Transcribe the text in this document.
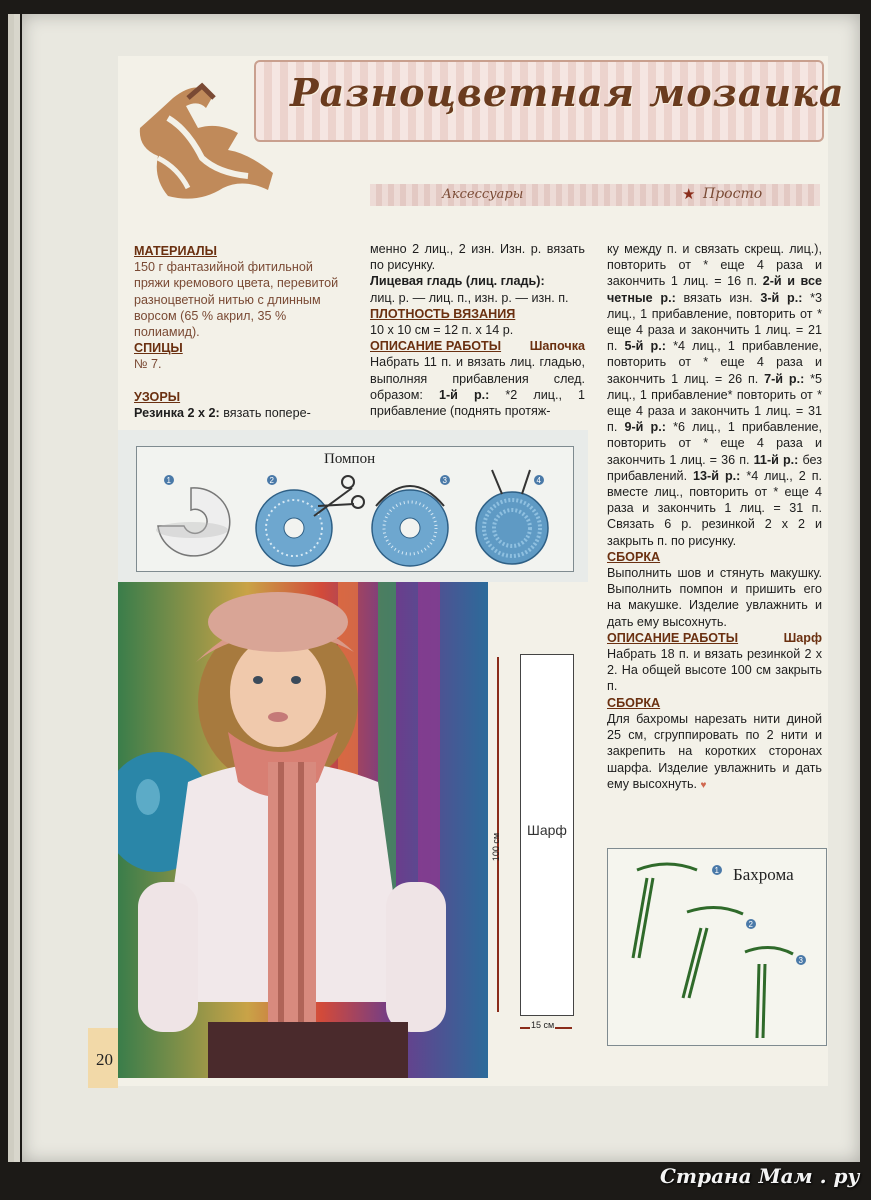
Разноцветная мозаика
Аксессуары	★ Просто

МАТЕРИАЛЫ

150 г фантазийной фитильной пряжи кремового цвета, перевитой разноцветной нитью с длинным ворсом (65 % акрил, 35 % полиамид).

СПИЦЫ

№ 7.

УЗОРЫ

Резинка 2 х 2: вязать попере-

менно 2 лиц., 2 изн. Изн. р. вязать по рисунку.

Лицевая гладь (лиц. гладь):

лиц. р. — лиц. п., изн. р. — изн. п.

ПЛОТНОСТЬ ВЯЗАНИЯ

10 х 10 см = 12 п. х 14 р.

ОПИСАНИЕ РАБОТЫ Шапочка

Набрать 11 п. и вязать лиц. гладью, выполняя прибавления след. образом: 1-й р.: *2 лиц., 1 прибавление (поднять протяж-

ку между п. и связать скрещ. лиц.), повторить от * еще 4 раза и закончить 1 лиц. = 16 п. 2-й и все четные р.: вязать изн. 3-й р.: *3 лиц., 1 прибавление, повторить от * еще 4 раза и закончить 1 лиц. = 21 п. 5-й р.: *4 лиц., 1 прибавление, повторить от * еще 4 раза и закончить 1 лиц. = 26 п. 7-й р.: *5 лиц., 1 прибавление* повторить от * еще 4 раза и закончить 1 лиц. = 31 п. 9-й р.: *6 лиц., 1 прибавление, повторить от * еще 4 раза и закончить 1 лиц. = 36 п. 11-й р.: без прибавлений. 13-й р.: *4 лиц., 2 п. вместе лиц., повторить от * еще 4 раза и закончить 1 лиц. = 31 п. Связать 6 р. резинкой 2 х 2 и закрыть п. по рисунку.

СБОРКА

Выполнить шов и стянуть макушку. Выполнить помпон и пришить его на макушке. Изделие увлажнить и дать ему высохнуть.

ОПИСАНИЕ РАБОТЫ	Шарф

Набрать 18 п. и вязать резинкой 2 х 2. На общей высоте 100 см закрыть п.

СБОРКА

Для бахромы нарезать нити диной 25 см, сгруппировать по 2 нити и закрепить на коротких сторонах шарфа. Изделие увлажнить и дать ему высохнуть. ♥

Помпон
1	2	3	4
100 см
Шарф
15 см
Бахрома
1
2
3
20
Страна Мам . ру
